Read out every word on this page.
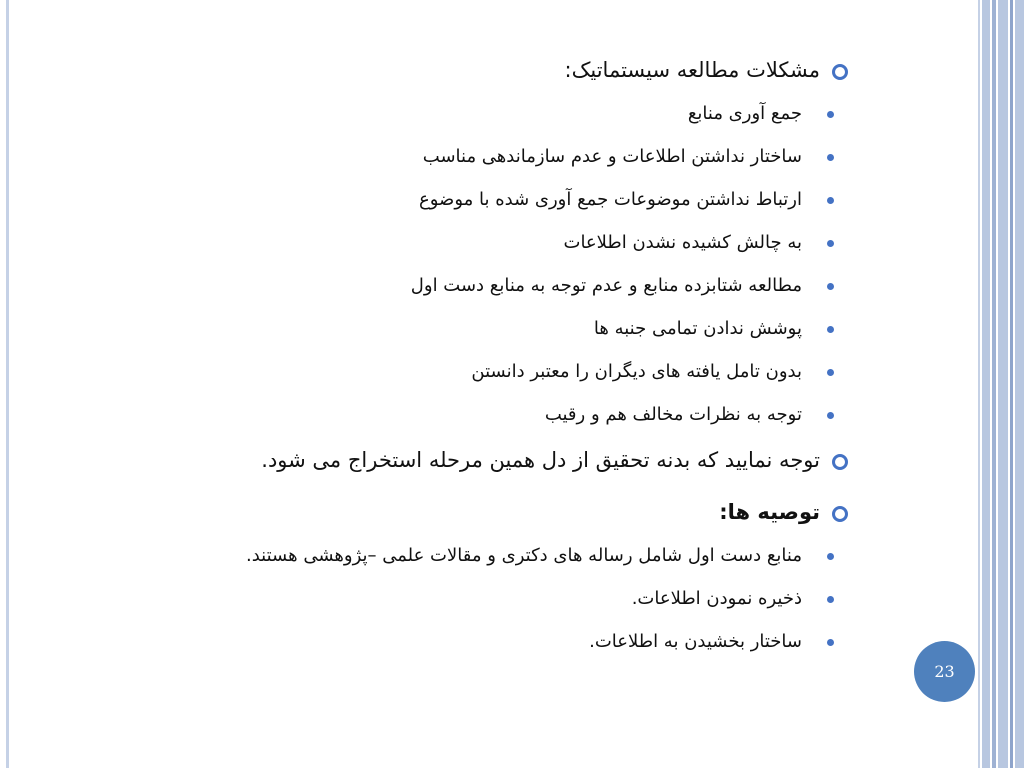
مشکلات مطالعه سیستماتیک:
جمع آوری منابع
ساختار نداشتن اطلاعات و عدم سازماندهی مناسب
ارتباط نداشتن موضوعات جمع آوری شده با موضوع
به چالش کشیده نشدن اطلاعات
مطالعه شتابزده منابع و عدم توجه به منابع دست اول
پوشش ندادن تمامی جنبه ها
بدون تامل یافته های دیگران را معتبر دانستن
توجه به نظرات مخالف هم و رقیب
توجه نمایید که بدنه تحقیق از دل همین مرحله استخراج می شود.
توصیه ها:
منابع دست اول شامل رساله های دکتری و مقالات علمی –پژوهشی هستند.
ذخیره نمودن اطلاعات.
ساختار بخشیدن به اطلاعات.
23
